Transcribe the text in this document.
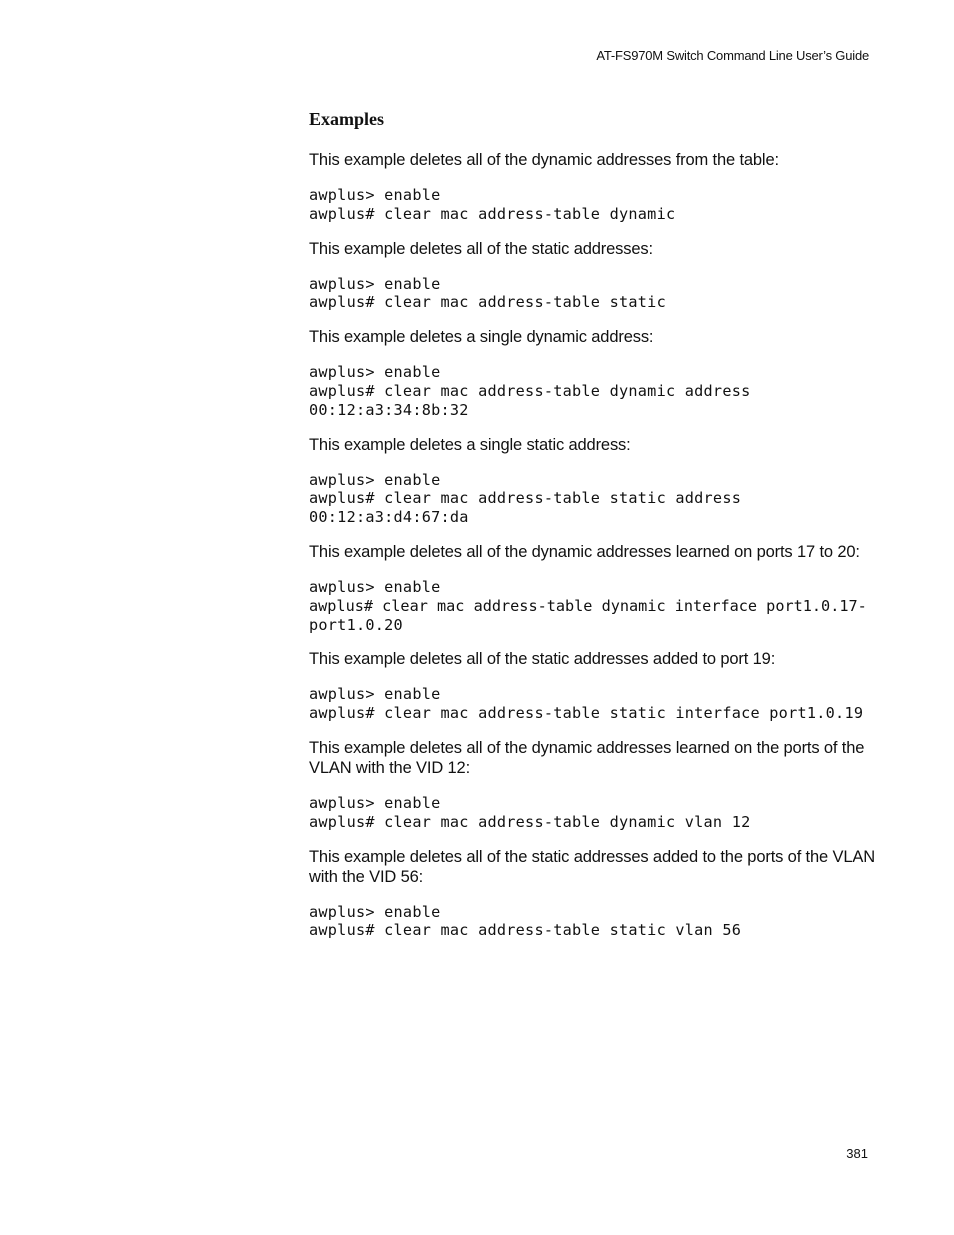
AT-FS970M Switch Command Line User’s Guide
Examples

This example deletes all of the dynamic addresses from the table:

awplus> enable
awplus# clear mac address-table dynamic

This example deletes all of the static addresses:

awplus> enable
awplus# clear mac address-table static

This example deletes a single dynamic address:

awplus> enable
awplus# clear mac address-table dynamic address
00:12:a3:34:8b:32

This example deletes a single static address:

awplus> enable
awplus# clear mac address-table static address
00:12:a3:d4:67:da

This example deletes all of the dynamic addresses learned on ports 17 to 20:

awplus> enable
awplus# clear mac address-table dynamic interface port1.0.17-
port1.0.20

This example deletes all of the static addresses added to port 19:

awplus> enable
awplus# clear mac address-table static interface port1.0.19

This example deletes all of the dynamic addresses learned on the ports of the VLAN with the VID 12:

awplus> enable
awplus# clear mac address-table dynamic vlan 12

This example deletes all of the static addresses added to the ports of the VLAN with the VID 56:

awplus> enable
awplus# clear mac address-table static vlan 56
381
